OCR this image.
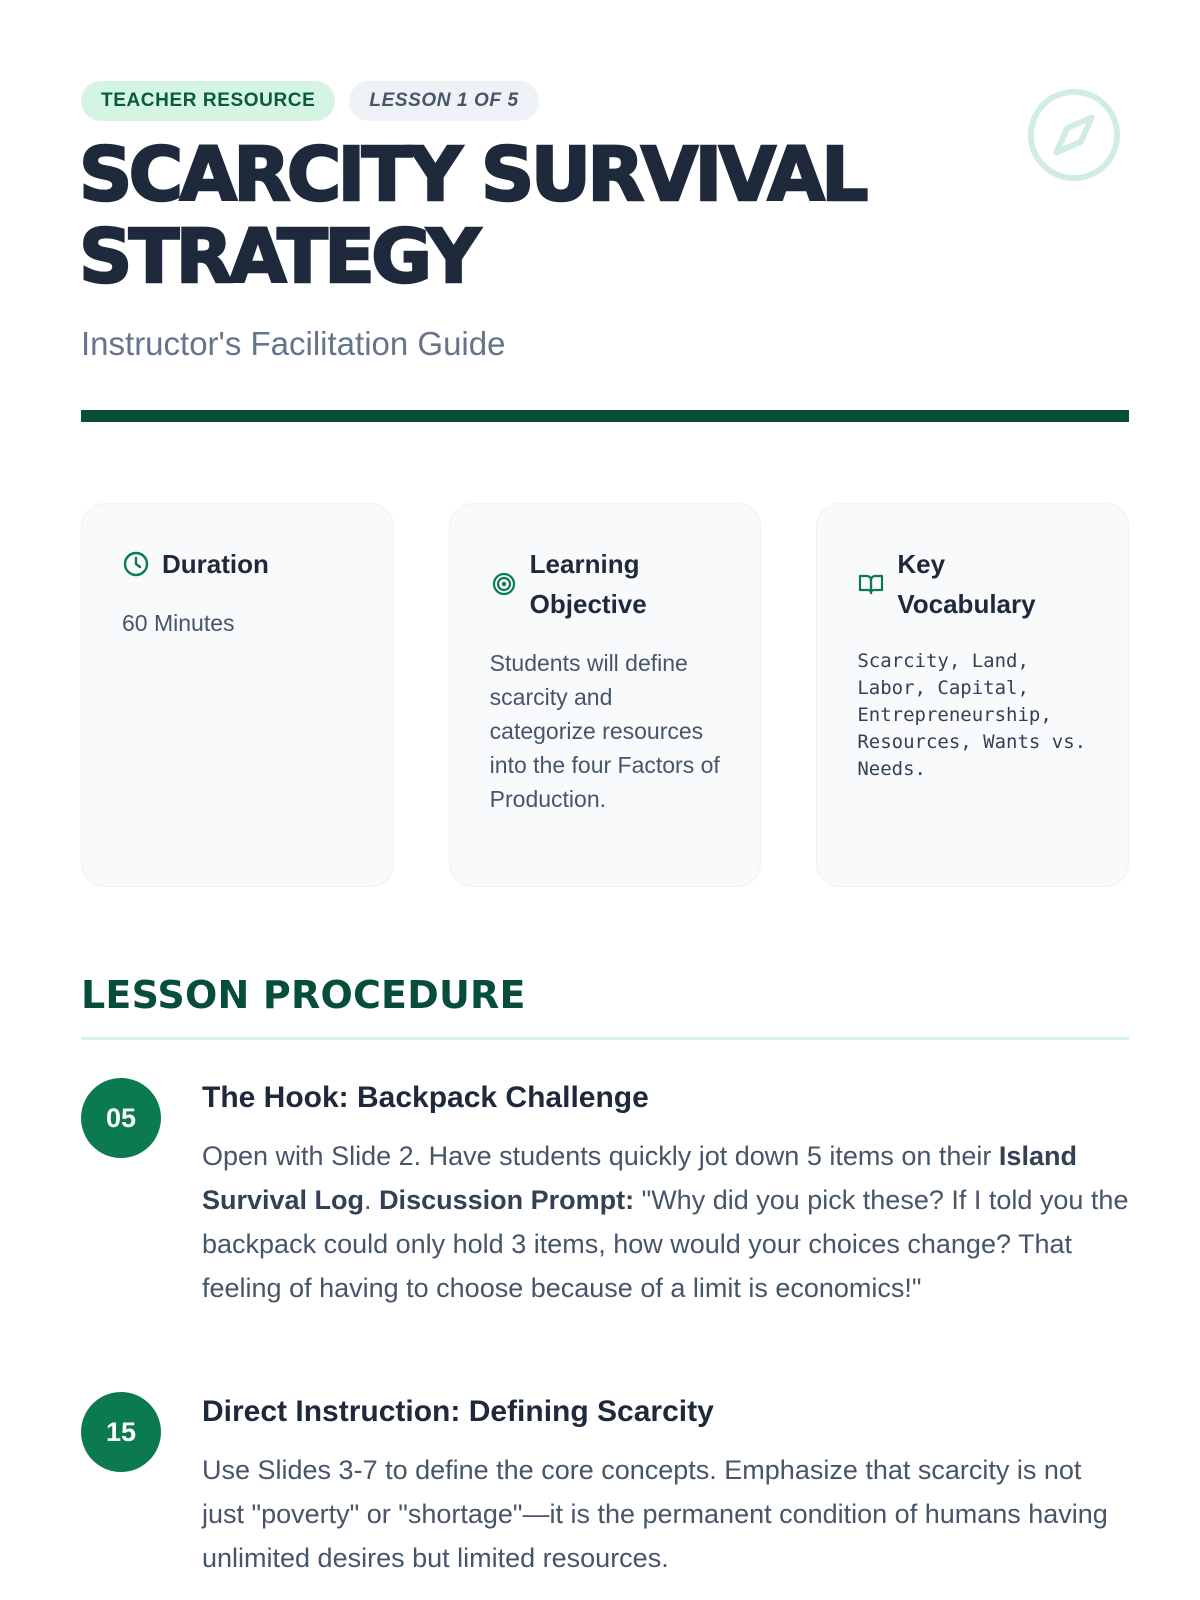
TEACHER RESOURCE	LESSON 1 OF 5
SCARCITY SURVIVAL
STRATEGY
Instructor's Facilitation Guide
Duration
60 Minutes
Learning
Objective
Students will define scarcity and categorize resources into the four Factors of Production.
Key
Vocabulary
Scarcity, Land, Labor, Capital, Entrepreneurship, Resources, Wants vs. Needs.
LESSON PROCEDURE
05
The Hook: Backpack Challenge

Open with Slide 2. Have students quickly jot down 5 items on their Island Survival Log. Discussion Prompt: "Why did you pick these? If I told you the backpack could only hold 3 items, how would your choices change? That feeling of having to choose because of a limit is economics!"

15
Direct Instruction: Defining Scarcity

Use Slides 3-7 to define the core concepts. Emphasize that scarcity is not just "poverty" or "shortage"—it is the permanent condition of humans having unlimited desires but limited resources.
